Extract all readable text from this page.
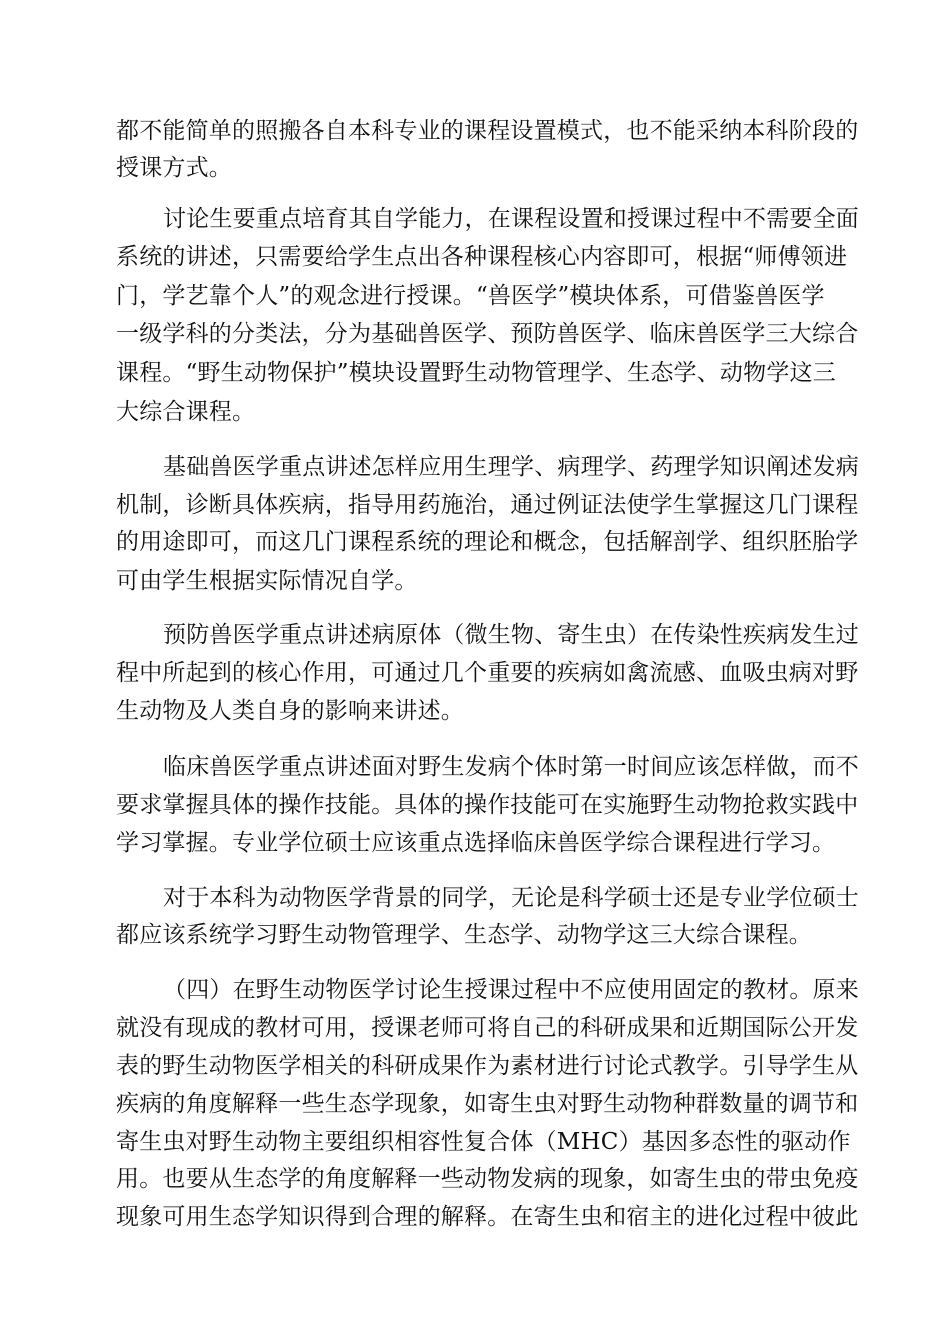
都不能简单的照搬各自本科专业的课程设置模式，也不能采纳本科阶段的
授课方式。
讨论生要重点培育其自学能力，在课程设置和授课过程中不需要全面
系统的讲述，只需要给学生点出各种课程核心内容即可，根据“师傅领进
门，学艺靠个人”的观念进行授课。“兽医学”模块体系，可借鉴兽医学
一级学科的分类法，分为基础兽医学、预防兽医学、临床兽医学三大综合
课程。“野生动物保护”模块设置野生动物管理学、生态学、动物学这三
大综合课程。
基础兽医学重点讲述怎样应用生理学、病理学、药理学知识阐述发病
机制，诊断具体疾病，指导用药施治，通过例证法使学生掌握这几门课程
的用途即可，而这几门课程系统的理论和概念，包括解剖学、组织胚胎学
可由学生根据实际情况自学。
预防兽医学重点讲述病原体（微生物、寄生虫）在传染性疾病发生过
程中所起到的核心作用，可通过几个重要的疾病如禽流感、血吸虫病对野
生动物及人类自身的影响来讲述。
临床兽医学重点讲述面对野生发病个体时第一时间应该怎样做，而不
要求掌握具体的操作技能。具体的操作技能可在实施野生动物抢救实践中
学习掌握。专业学位硕士应该重点选择临床兽医学综合课程进行学习。
对于本科为动物医学背景的同学，无论是科学硕士还是专业学位硕士
都应该系统学习野生动物管理学、生态学、动物学这三大综合课程。
（四）在野生动物医学讨论生授课过程中不应使用固定的教材。原来
就没有现成的教材可用，授课老师可将自己的科研成果和近期国际公开发
表的野生动物医学相关的科研成果作为素材进行讨论式教学。引导学生从
疾病的角度解释一些生态学现象，如寄生虫对野生动物种群数量的调节和
寄生虫对野生动物主要组织相容性复合体（MHC）基因多态性的驱动作
用。也要从生态学的角度解释一些动物发病的现象，如寄生虫的带虫免疫
现象可用生态学知识得到合理的解释。在寄生虫和宿主的进化过程中彼此
